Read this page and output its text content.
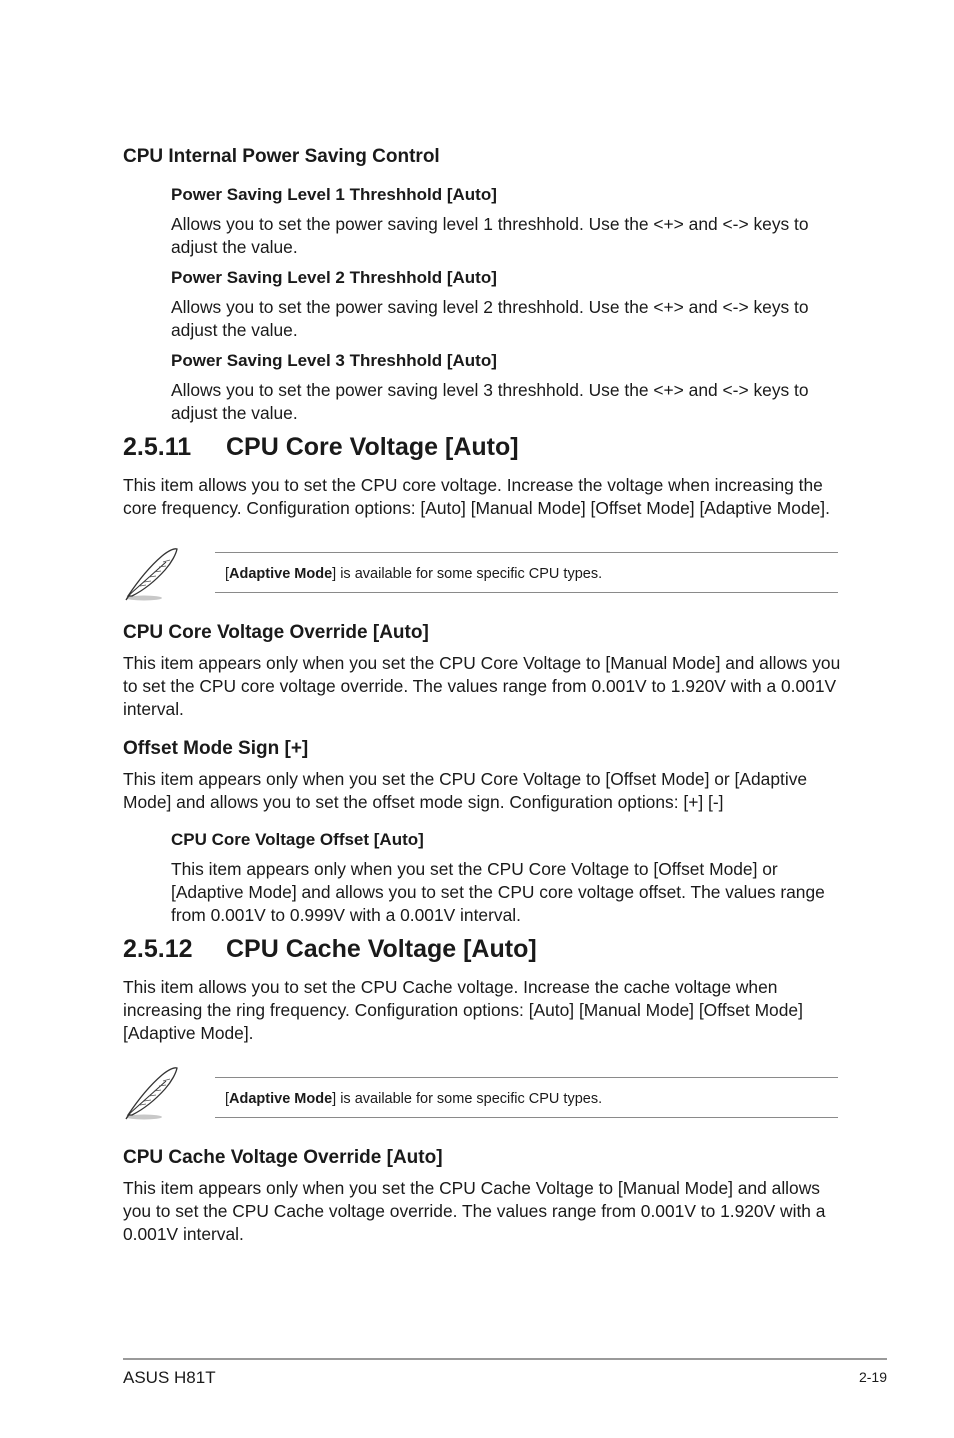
CPU Internal Power Saving Control
Power Saving Level 1 Threshhold [Auto]
Allows you to set the power saving level 1 threshhold. Use the <+> and <-> keys to
adjust the value.
Power Saving Level 2 Threshhold [Auto]
Allows you to set the power saving level 2 threshhold. Use the <+> and <-> keys to
adjust the value.
Power Saving Level 3 Threshhold [Auto]
Allows you to set the power saving level 3 threshhold. Use the <+> and <-> keys to
adjust the value.
2.5.11 CPU Core Voltage [Auto]
This item allows you to set the CPU core voltage. Increase the voltage when increasing the
core frequency. Configuration options: [Auto] [Manual Mode] [Offset Mode] [Adaptive Mode].
[Adaptive Mode] is available for some specific CPU types.
CPU Core Voltage Override [Auto]
This item appears only when you set the CPU Core Voltage to [Manual Mode] and allows you
to set the CPU core voltage override. The values range from 0.001V to 1.920V with a 0.001V
interval.
Offset Mode Sign [+]
This item appears only when you set the CPU Core Voltage to [Offset Mode] or [Adaptive
Mode] and allows you to set the offset mode sign. Configuration options: [+] [-]
CPU Core Voltage Offset [Auto]
This item appears only when you set the CPU Core Voltage to [Offset Mode] or
[Adaptive Mode] and allows you to set the CPU core voltage offset. The values range
from 0.001V to 0.999V with a 0.001V interval.
2.5.12 CPU Cache Voltage [Auto]
This item allows you to set the CPU Cache voltage. Increase the cache voltage when
increasing the ring frequency. Configuration options: [Auto] [Manual Mode] [Offset Mode]
[Adaptive Mode].
[Adaptive Mode] is available for some specific CPU types.
CPU Cache Voltage Override [Auto]
This item appears only when you set the CPU Cache Voltage to [Manual Mode] and allows
you to set the CPU Cache voltage override. The values range from 0.001V to 1.920V with a
0.001V interval.
ASUS H81T	2-19
